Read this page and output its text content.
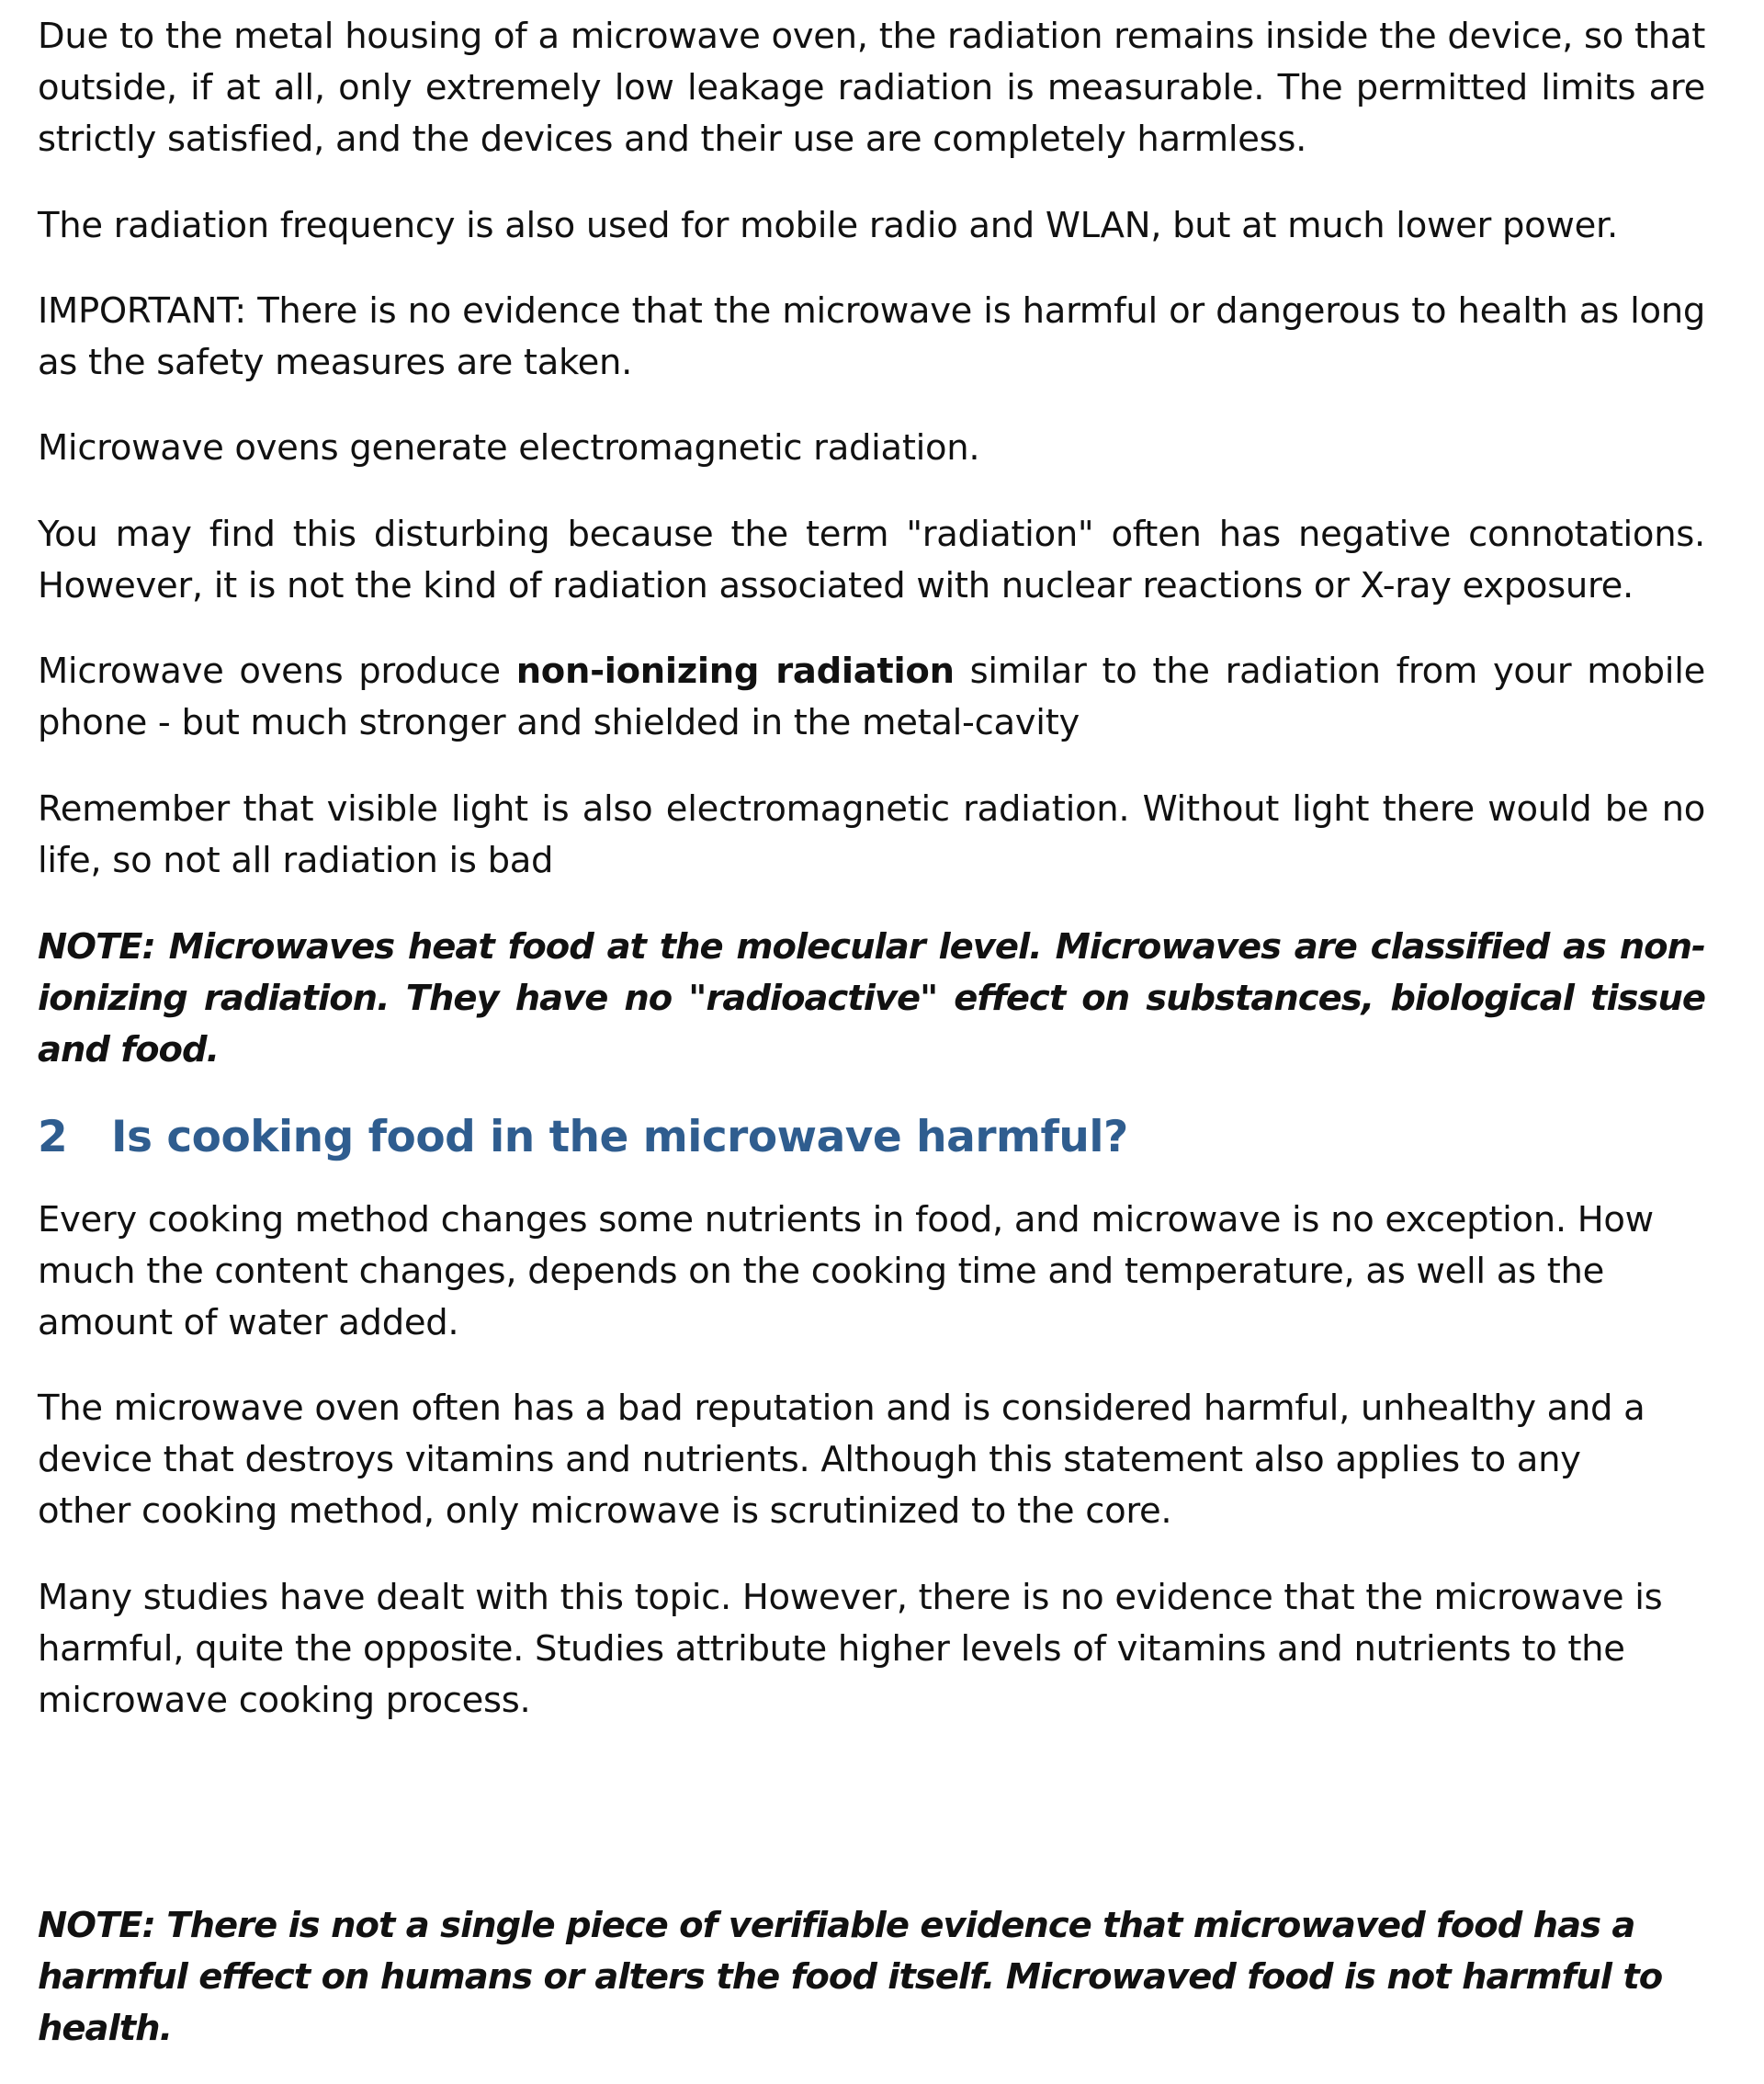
Due to the metal housing of a microwave oven, the radiation remains inside the device, so that outside, if at all, only extremely low leakage radiation is measurable. The permitted limits are strictly satisfied, and the devices and their use are completely harmless.

The radiation frequency is also used for mobile radio and WLAN, but at much lower power.

IMPORTANT: There is no evidence that the microwave is harmful or dangerous to health as long as the safety measures are taken.

Microwave ovens generate electromagnetic radiation.

You may find this disturbing because the term "radiation" often has negative connotations. However, it is not the kind of radiation associated with nuclear reactions or X-ray exposure.

Microwave ovens produce non-ionizing radiation similar to the radiation from your mobile phone - but much stronger and shielded in the metal-cavity

Remember that visible light is also electromagnetic radiation. Without light there would be no life, so not all radiation is bad

NOTE: Microwaves heat food at the molecular level. Microwaves are classified as non-ionizing radiation. They have no "radioactive" effect on substances, biological tissue and food.

2 Is cooking food in the microwave harmful?

Every cooking method changes some nutrients in food, and microwave is no exception. How much the content changes, depends on the cooking time and temperature, as well as the amount of water added.

The microwave oven often has a bad reputation and is considered harmful, unhealthy and a device that destroys vitamins and nutrients. Although this statement also applies to any other cooking method, only microwave is scrutinized to the core.

Many studies have dealt with this topic. However, there is no evidence that the microwave is harmful, quite the opposite. Studies attribute higher levels of vitamins and nutrients to the microwave cooking process.

NOTE: There is not a single piece of verifiable evidence that microwaved food has a harmful effect on humans or alters the food itself. Microwaved food is not harmful to health.
